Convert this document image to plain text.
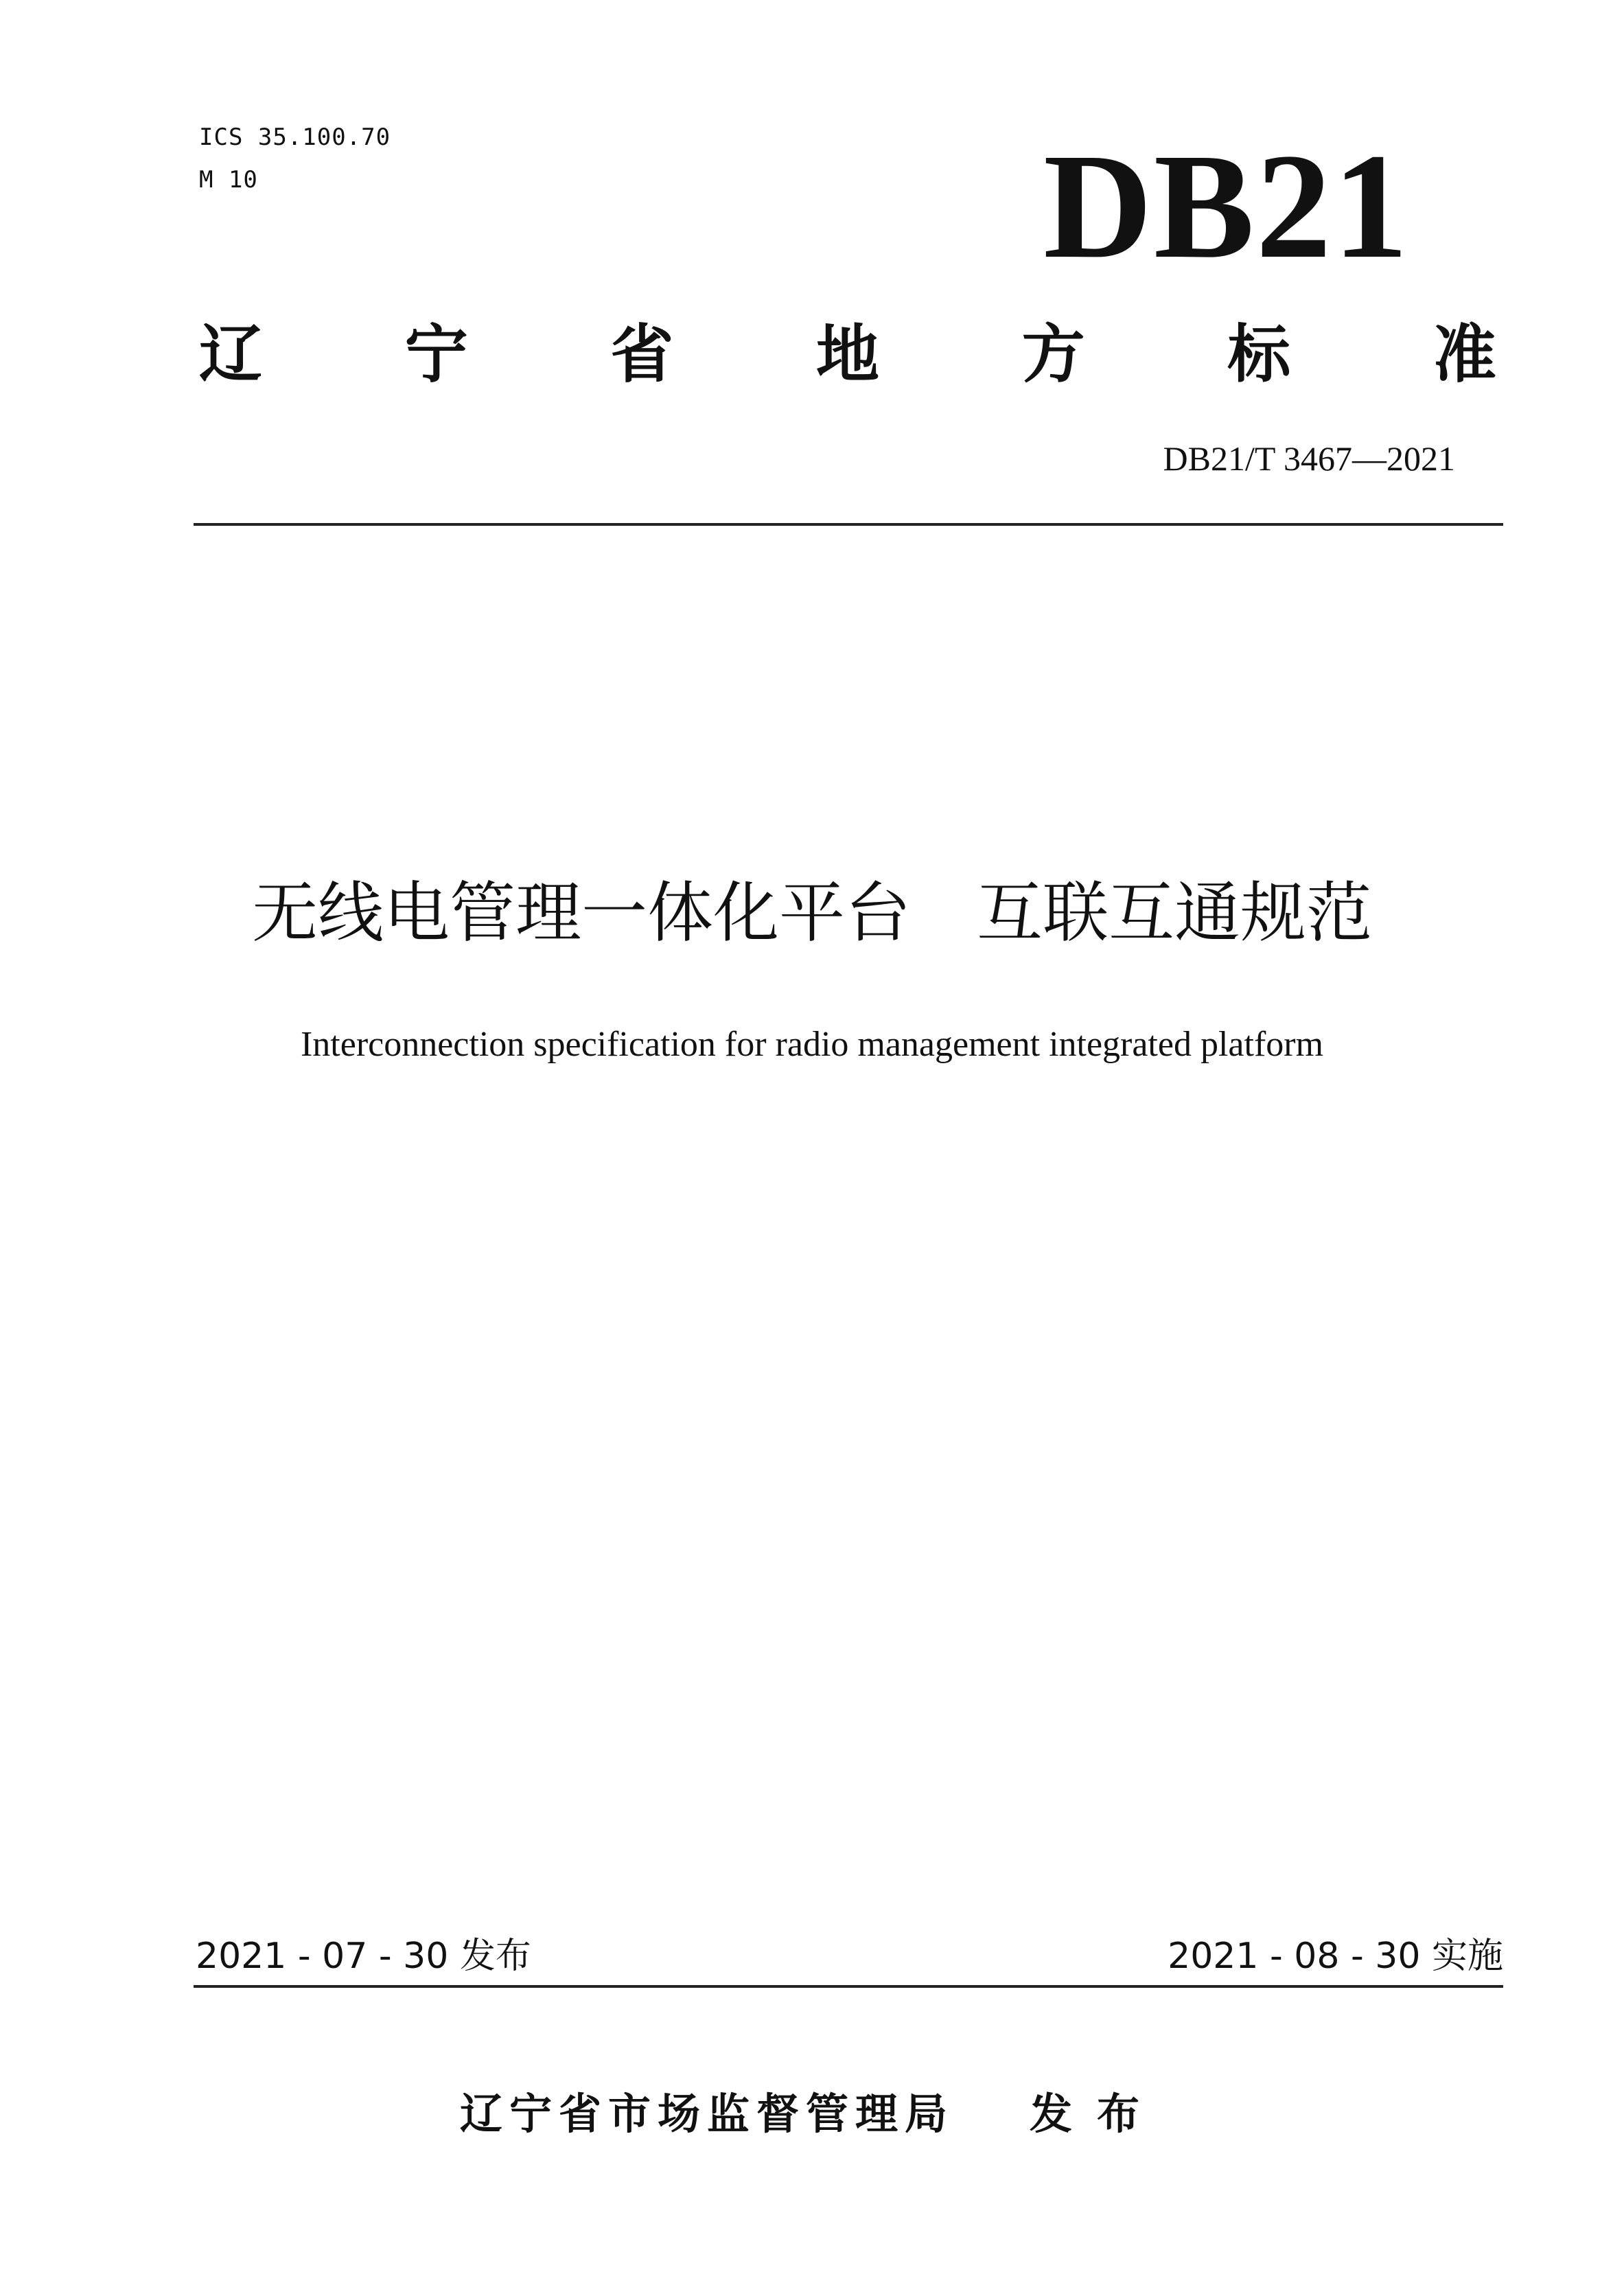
ICS 35.100.70
M 10	DB21
辽 宁 省 地 方 标 准
DB21/T 3467—2021
无线电管理一体化平台 互联互通规范
Interconnection specification for radio management integrated platform
2021 - 07 - 30 发布	2021 - 08 - 30 实施
辽宁省市场监督管理局 发布
